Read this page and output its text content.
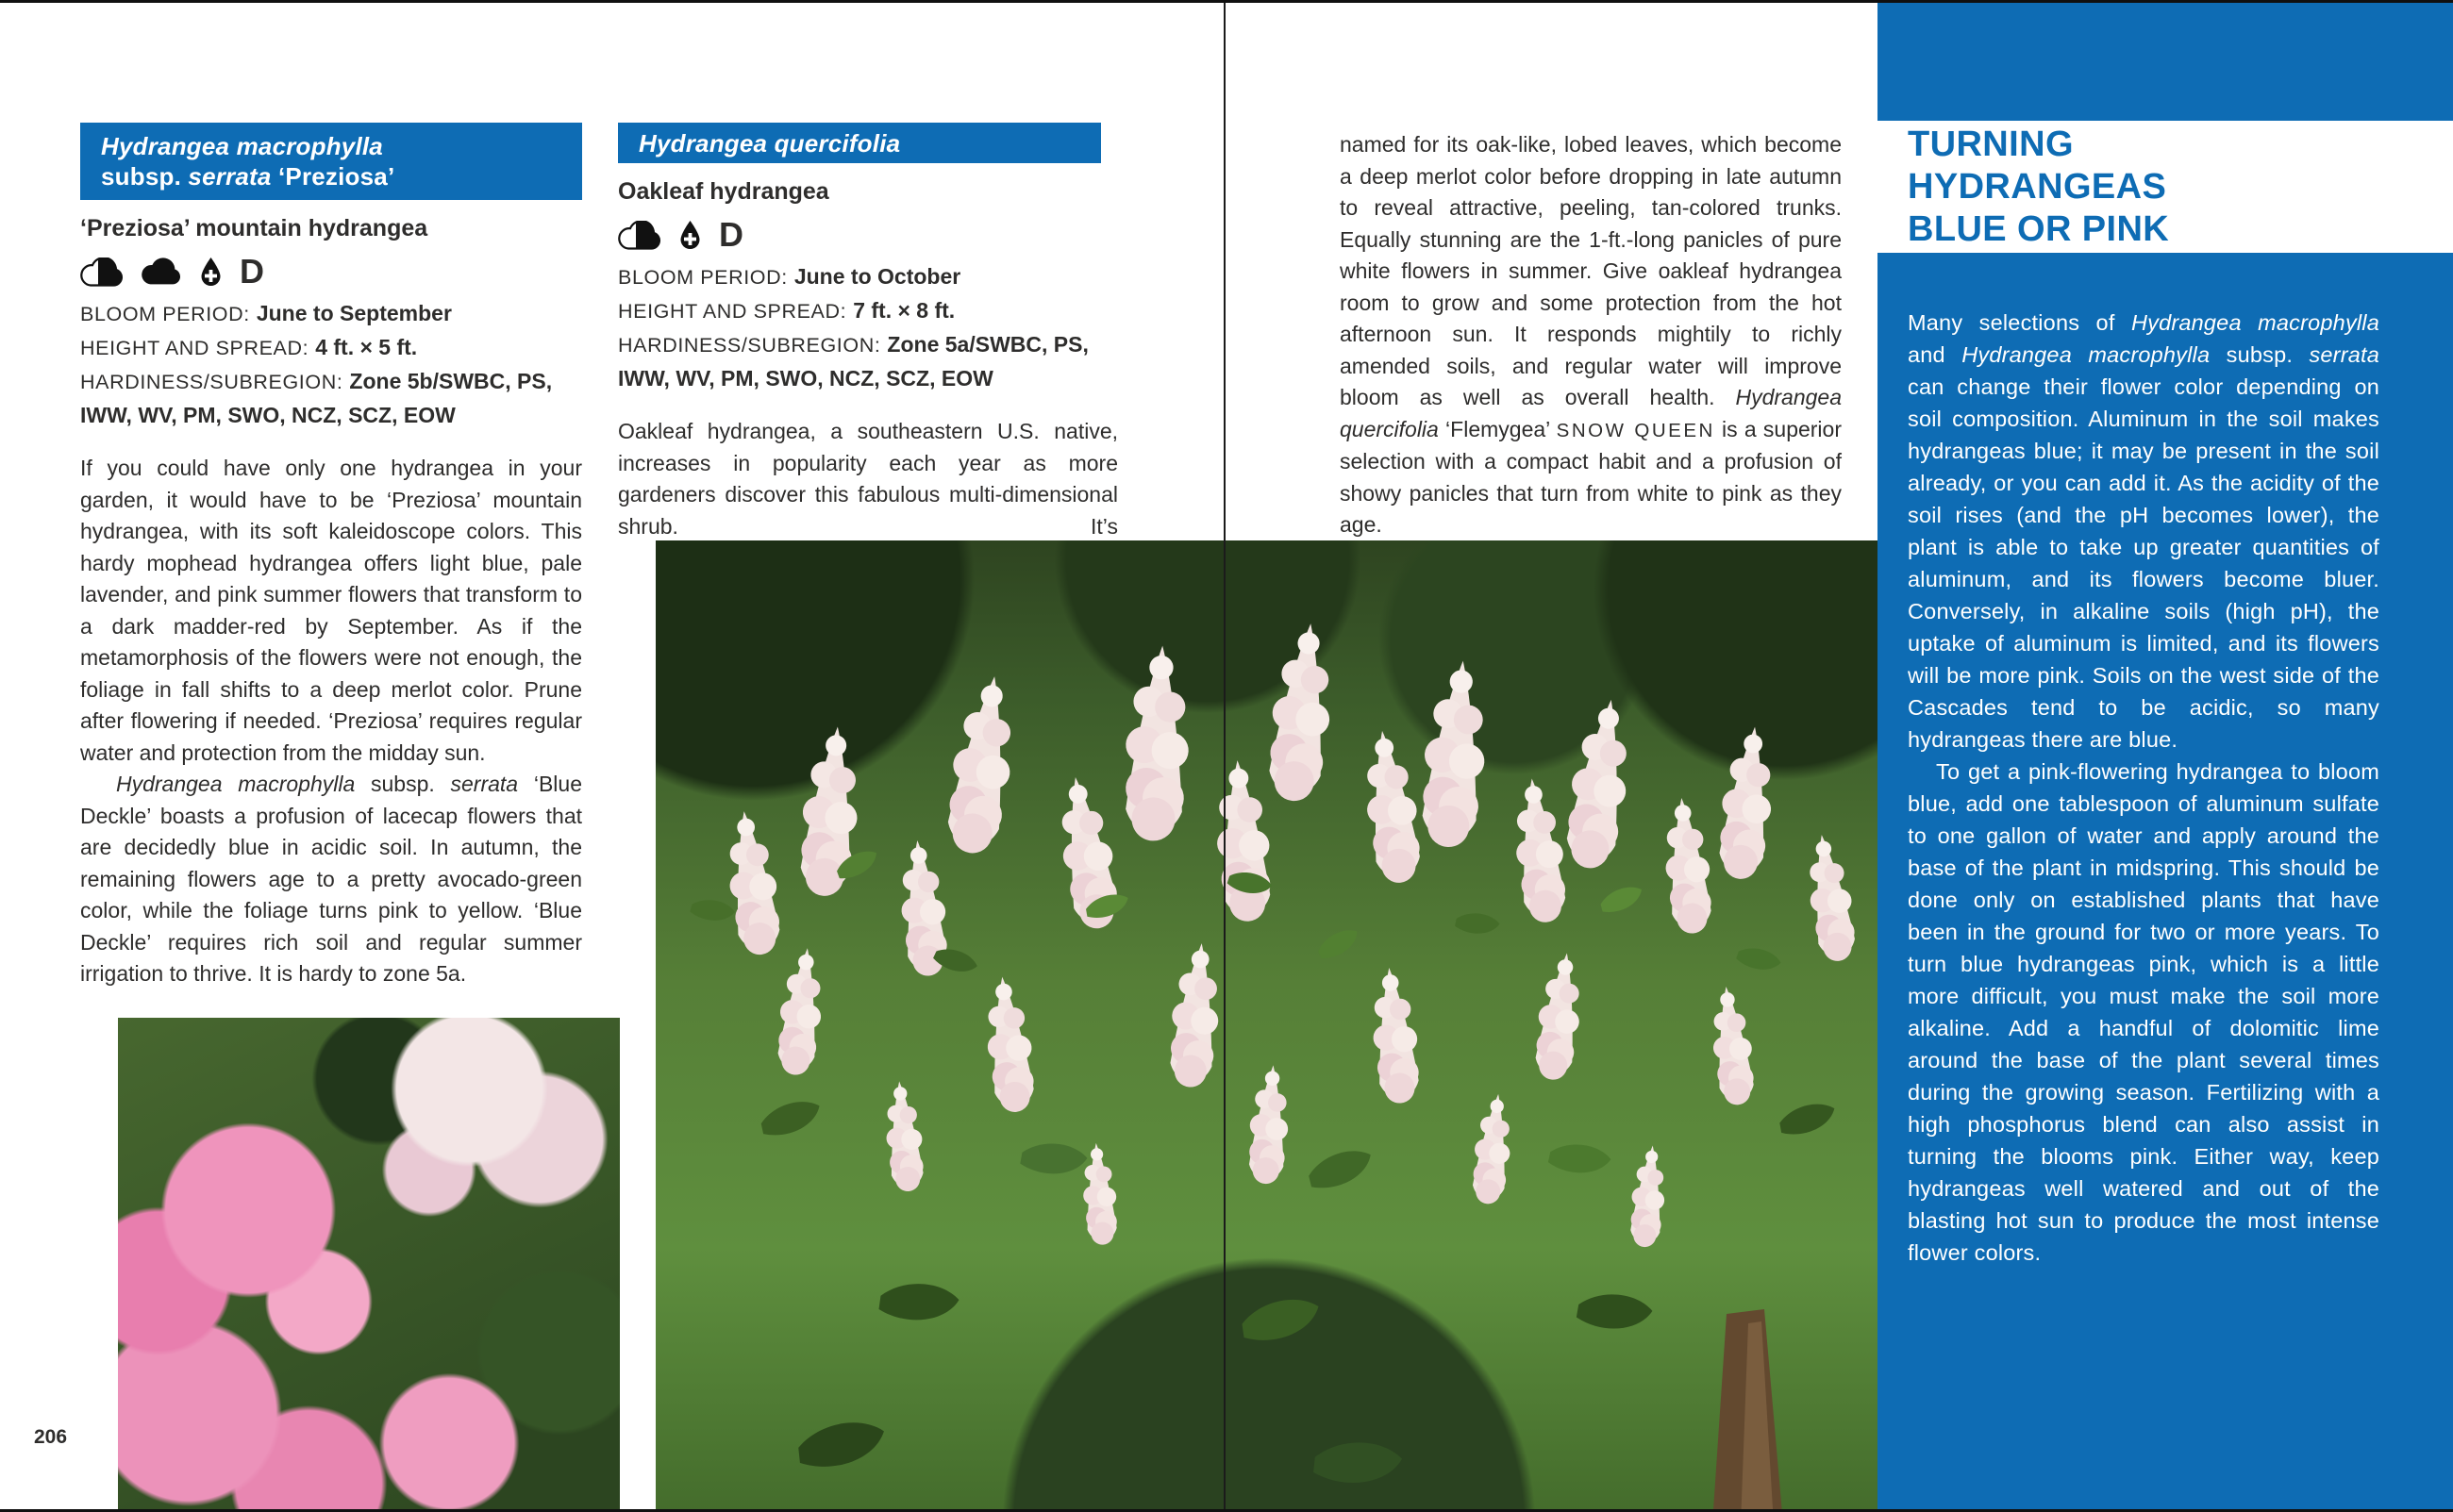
206
Hydrangea macrophylla
subsp. serrata ‘Preziosa’
‘Preziosa’ mountain hydrangea
D
BLOOM PERIOD: June to September
HEIGHT AND SPREAD: 4 ft. × 5 ft.
HARDINESS/SUBREGION: Zone 5b/SWBC, PS, IWW, WV, PM, SWO, NCZ, SCZ, EOW

If you could have only one hydrangea in your garden, it would have to be ‘Preziosa’ mountain hydrangea, with its soft kaleidoscope colors. This hardy mophead hydrangea offers light blue, pale lavender, and pink summer flowers that transform to a dark madder-red by September. As if the metamorphosis of the flowers were not enough, the foliage in fall shifts to a deep merlot color. Prune after flowering if needed. ‘Preziosa’ requires regular water and protection from the midday sun.

Hydrangea macrophylla subsp. serrata ‘Blue Deckle’ boasts a profusion of lacecap flowers that are decidedly blue in acidic soil. In autumn, the remaining flowers age to a pretty avocado-green color, while the foliage turns pink to yellow. ‘Blue Deckle’ requires rich soil and regular summer irrigation to thrive. It is hardy to zone 5a.

Hydrangea quercifolia
Oakleaf hydrangea
D
BLOOM PERIOD: June to October
HEIGHT AND SPREAD: 7 ft. × 8 ft.
HARDINESS/SUBREGION: Zone 5a/SWBC, PS, IWW, WV, PM, SWO, NCZ, SCZ, EOW

Oakleaf hydrangea, a southeastern U.S. native, increases in popularity each year as more gardeners discover this fabulous multi-dimensional shrub. It’s

named for its oak-like, lobed leaves, which become a deep merlot color before dropping in late autumn to reveal attractive, peeling, tan-colored trunks. Equally stunning are the 1-ft.-long panicles of pure white flowers in summer. Give oakleaf hydrangea room to grow and some protection from the hot afternoon sun. It responds mightily to richly amended soils, and regular water will improve bloom as well as overall health. Hydrangea quercifolia ‘Flemygea’ SNOW QUEEN is a superior selection with a compact habit and a profusion of showy panicles that turn from white to pink as they age.

TURNING
HYDRANGEAS
BLUE OR PINK

Many selections of Hydrangea macrophylla and Hydrangea macrophylla subsp. serrata can change their flower color depending on soil composition. Aluminum in the soil makes hydrangeas blue; it may be present in the soil already, or you can add it. As the acidity of the soil rises (and the pH becomes lower), the plant is able to take up greater quantities of aluminum, and its flowers become bluer. Conversely, in alkaline soils (high pH), the uptake of aluminum is limited, and its flowers will be more pink. Soils on the west side of the Cascades tend to be acidic, so many hydrangeas there are blue.

To get a pink-flowering hydrangea to bloom blue, add one tablespoon of aluminum sulfate to one gallon of water and apply around the base of the plant in midspring. This should be done only on established plants that have been in the ground for two or more years. To turn blue hydrangeas pink, which is a little more difficult, you must make the soil more alkaline. Add a handful of dolomitic lime around the base of the plant several times during the growing season. Fertilizing with a high phosphorus blend can also assist in turning the blooms pink. Either way, keep hydrangeas well watered and out of the blasting hot sun to produce the most intense flower colors.
